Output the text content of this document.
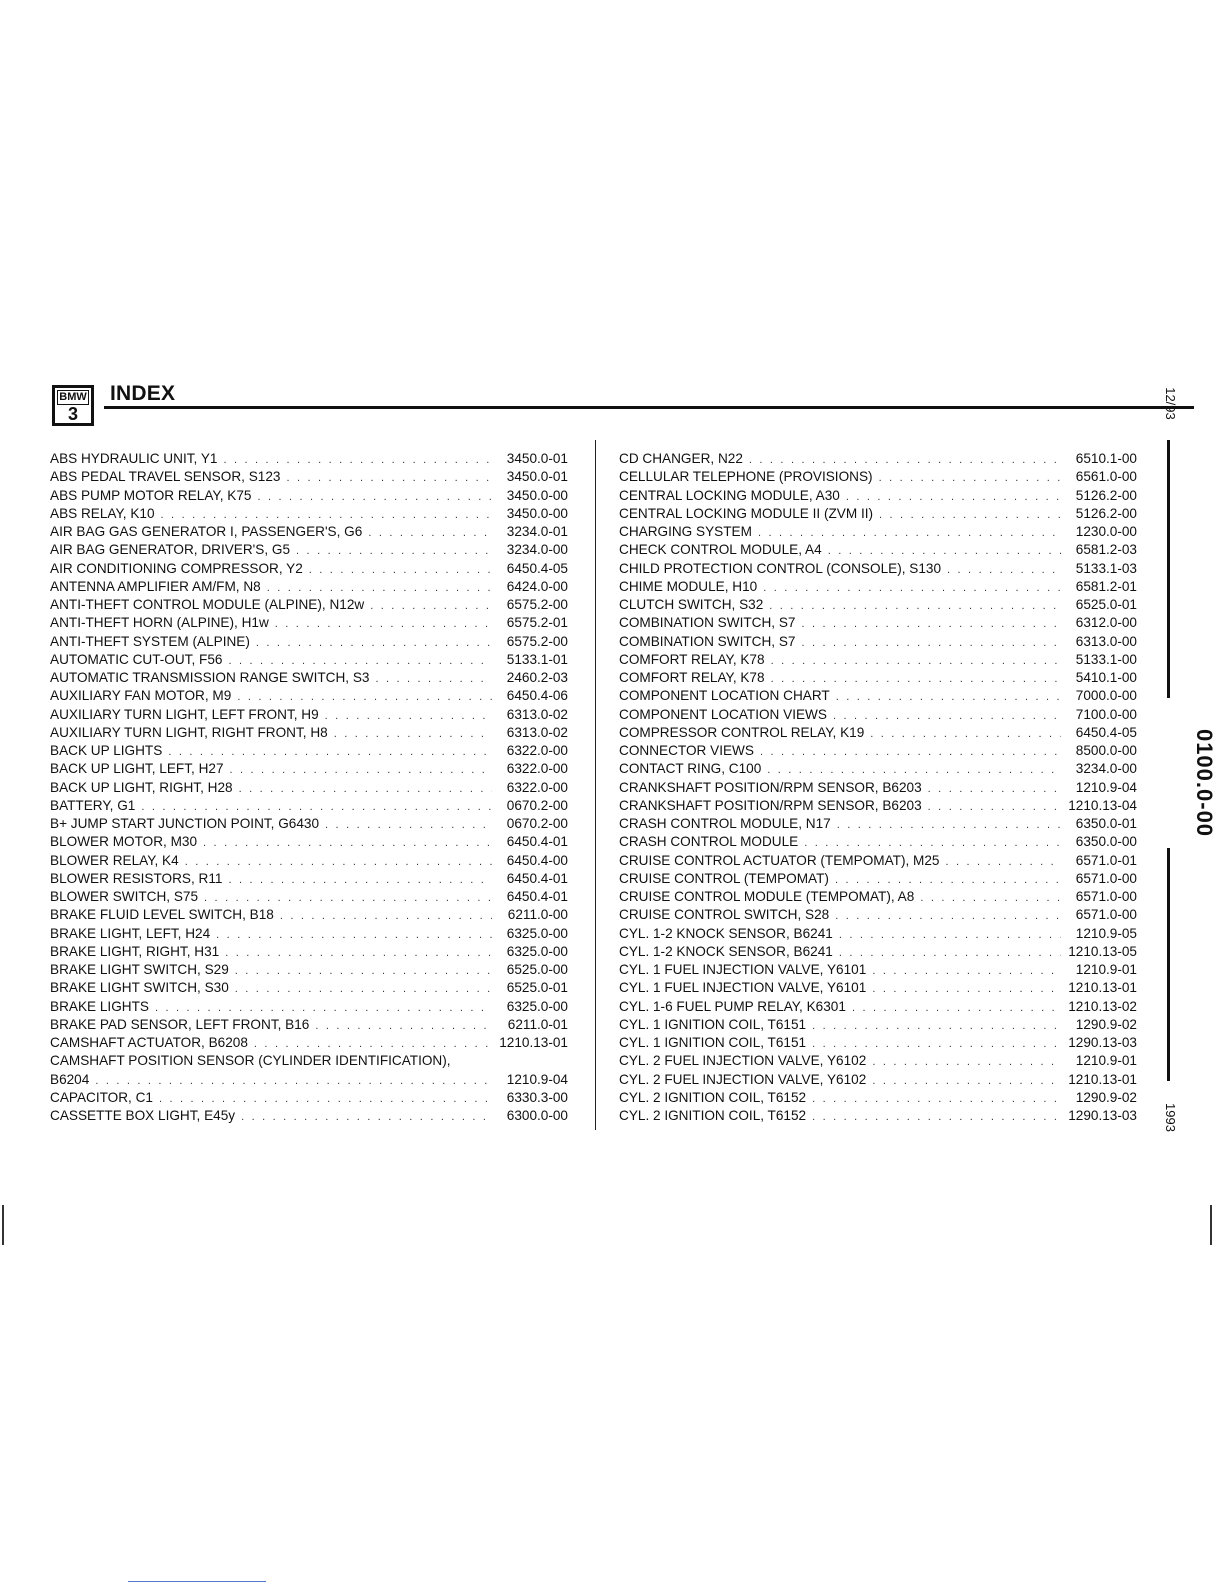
BMW
3
INDEX
ABS HYDRAULIC UNIT, Y1 . . .	3450.0-01
ABS PEDAL TRAVEL SENSOR, S123 . . .	3450.0-01
ABS PUMP MOTOR RELAY, K75 . . .	3450.0-00
ABS RELAY, K10 . . .	3450.0-00
AIR BAG GAS GENERATOR I, PASSENGER'S, G6 . . .	3234.0-01
AIR BAG GENERATOR, DRIVER'S, G5 . . .	3234.0-00
AIR CONDITIONING COMPRESSOR, Y2 . . .	6450.4-05
ANTENNA AMPLIFIER AM/FM, N8 . . .	6424.0-00
ANTI-THEFT CONTROL MODULE (ALPINE), N12w . . .	6575.2-00
ANTI-THEFT HORN (ALPINE), H1w . . .	6575.2-01
ANTI-THEFT SYSTEM (ALPINE) . . .	6575.2-00
AUTOMATIC CUT-OUT, F56 . . .	5133.1-01
AUTOMATIC TRANSMISSION RANGE SWITCH, S3 . . .	2460.2-03
AUXILIARY FAN MOTOR, M9 . . .	6450.4-06
AUXILIARY TURN LIGHT, LEFT FRONT, H9 . . .	6313.0-02
AUXILIARY TURN LIGHT, RIGHT FRONT, H8 . . .	6313.0-02
BACK UP LIGHTS . . .	6322.0-00
BACK UP LIGHT, LEFT, H27 . . .	6322.0-00
BACK UP LIGHT, RIGHT, H28 . . .	6322.0-00
BATTERY, G1 . . .	0670.2-00
B+ JUMP START JUNCTION POINT, G6430 . . .	0670.2-00
BLOWER MOTOR, M30 . . .	6450.4-01
BLOWER RELAY, K4 . . .	6450.4-00
BLOWER RESISTORS, R11 . . .	6450.4-01
BLOWER SWITCH, S75 . . .	6450.4-01
BRAKE FLUID LEVEL SWITCH, B18 . . .	6211.0-00
BRAKE LIGHT, LEFT, H24 . . .	6325.0-00
BRAKE LIGHT, RIGHT, H31 . . .	6325.0-00
BRAKE LIGHT SWITCH, S29 . . .	6525.0-00
BRAKE LIGHT SWITCH, S30 . . .	6525.0-01
BRAKE LIGHTS . . .	6325.0-00
BRAKE PAD SENSOR, LEFT FRONT, B16 . . .	6211.0-01
CAMSHAFT ACTUATOR, B6208 . . .	1210.13-01
CAMSHAFT POSITION SENSOR (CYLINDER IDENTIFICATION),
B6204 . . .	1210.9-04
CAPACITOR, C1 . . .	6330.3-00
CASSETTE BOX LIGHT, E45y . . .	6300.0-00
CD CHANGER, N22 . . .	6510.1-00
CELLULAR TELEPHONE (PROVISIONS) . . .	6561.0-00
CENTRAL LOCKING MODULE, A30 . . .	5126.2-00
CENTRAL LOCKING MODULE II (ZVM II) . . .	5126.2-00
CHARGING SYSTEM . . .	1230.0-00
CHECK CONTROL MODULE, A4 . . .	6581.2-03
CHILD PROTECTION CONTROL (CONSOLE), S130 . . .	5133.1-03
CHIME MODULE, H10 . . .	6581.2-01
CLUTCH SWITCH, S32 . . .	6525.0-01
COMBINATION SWITCH, S7 . . .	6312.0-00
COMBINATION SWITCH, S7 . . .	6313.0-00
COMFORT RELAY, K78 . . .	5133.1-00
COMFORT RELAY, K78 . . .	5410.1-00
COMPONENT LOCATION CHART . . .	7000.0-00
COMPONENT LOCATION VIEWS . . .	7100.0-00
COMPRESSOR CONTROL RELAY, K19 . . .	6450.4-05
CONNECTOR VIEWS . . .	8500.0-00
CONTACT RING, C100 . . .	3234.0-00
CRANKSHAFT POSITION/RPM SENSOR, B6203 . . .	1210.9-04
CRANKSHAFT POSITION/RPM SENSOR, B6203 . . .	1210.13-04
CRASH CONTROL MODULE, N17 . . .	6350.0-01
CRASH CONTROL MODULE . . .	6350.0-00
CRUISE CONTROL ACTUATOR (TEMPOMAT), M25 . . .	6571.0-01
CRUISE CONTROL (TEMPOMAT) . . .	6571.0-00
CRUISE CONTROL MODULE (TEMPOMAT), A8 . . .	6571.0-00
CRUISE CONTROL SWITCH, S28 . . .	6571.0-00
CYL. 1-2 KNOCK SENSOR, B6241 . . .	1210.9-05
CYL. 1-2 KNOCK SENSOR, B6241 . . .	1210.13-05
CYL. 1 FUEL INJECTION VALVE, Y6101 . . .	1210.9-01
CYL. 1 FUEL INJECTION VALVE, Y6101 . . .	1210.13-01
CYL. 1-6 FUEL PUMP RELAY, K6301 . . .	1210.13-02
CYL. 1 IGNITION COIL, T6151 . . .	1290.9-02
CYL. 1 IGNITION COIL, T6151 . . .	1290.13-03
CYL. 2 FUEL INJECTION VALVE, Y6102 . . .	1210.9-01
CYL. 2 FUEL INJECTION VALVE, Y6102 . . .	1210.13-01
CYL. 2 IGNITION COIL, T6152 . . .	1290.9-02
CYL. 2 IGNITION COIL, T6152 . . .	1290.13-03
12/93
0100.0-00
1993
